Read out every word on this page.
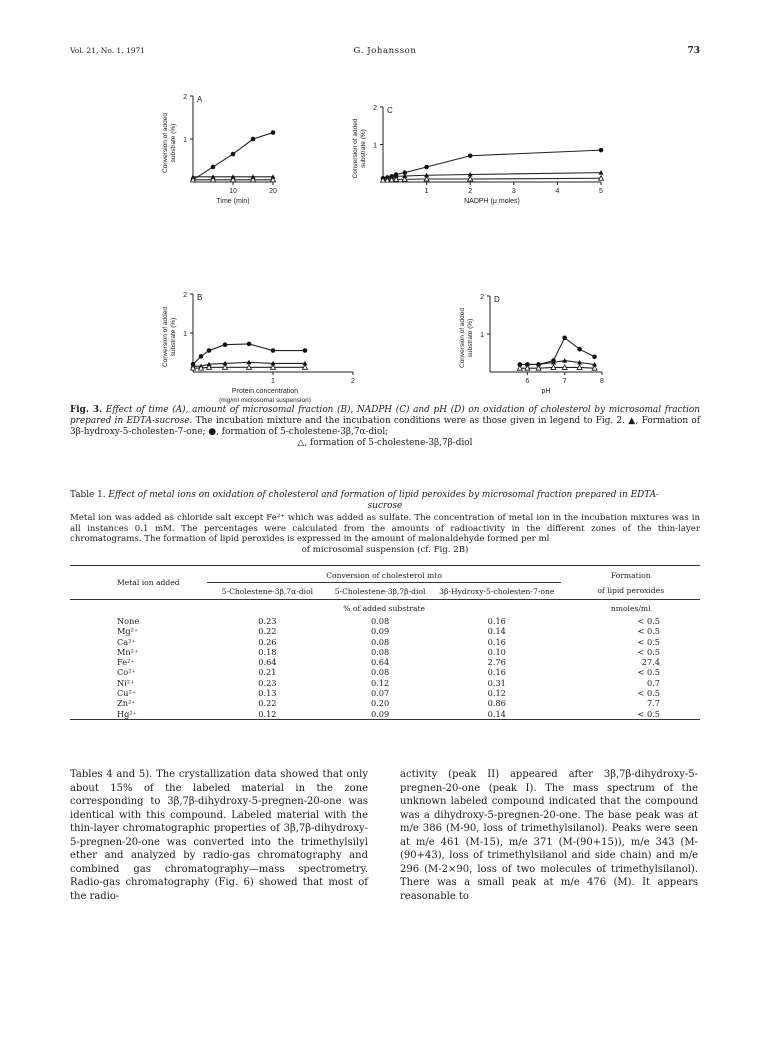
Vol. 21, No. 1, 1971	G. Johansson	73
1
2 A
10	20
Time (min)
Conversion of added substrate (%)	1
2 C
1	2	3	4	5
NADPH (μ moles)
Conversion of added substrate (%)
1
2 B
1	2
Protein concentration
(mg/ml microsomal suspension)
Conversion of added substrate (%)	1
2 D
6	7	8
pH
Conversion of added substrate (%)
Fig. 3. Effect of time (A), amount of microsomal fraction (B), NADPH (C) and pH (D) on oxidation of cholesterol by microsomal fraction prepared in EDTA-sucrose. The incubation mixture and the incubation conditions were as those given in legend to Fig. 2. ▲, Formation of 3β-hydroxy-5-cholesten-7-one; ●, formation of 5-cholestene-3β,7α-diol;
△, formation of 5-cholestene-3β,7β-diol
Table 1. Effect of metal ions on oxidation of cholesterol and formation of lipid peroxides by microsomal fraction prepared in EDTA-
sucrose
Metal ion was added as chloride salt except Fe²⁺ which was added as sulfate. The concentration of metal ion in the incubation mixtures was in all instances 0.1 mM. The percentages were calculated from the amounts of radioactivity in the different zones of the thin-layer chromatograms. The formation of lipid peroxides is expressed in the amount of malonaldehyde formed per ml
of microsomal suspension (cf. Fig. 2B)
Metal ion added	Conversion of cholesterol into			Formation
	5-Cholestene-3β,7α-diol	5-Cholestene-3β,7β-diol	3β-Hydroxy-5-cholesten-7-one	of lipid peroxides
	% of added substrate			nmoles/ml
None	0.23	0.08	0.16	< 0.5
Mg²⁺	0.22	0.09	0.14	< 0.5
Ca²⁺	0.26	0.08	0.16	< 0.5
Mn²⁺	0.18	0.08	0.10	< 0.5
Fe²⁺	0.64	0.64	2.76	27.4
Co²⁺	0.21	0.08	0.16	< 0.5
Ni²⁺	0.23	0.12	0.31	0.7
Cu²⁺	0.13	0.07	0.12	< 0.5
Zn²⁺	0.22	0.20	0.86	7.7
Hg²⁺	0.12	0.09	0.14	< 0.5
Tables 4 and 5). The crystallization data showed that only about 15% of the labeled material in the zone corresponding to 3β,7β-dihydroxy-5-pregnen-20-one was identical with this compound. Labeled material with the thin-layer chromatographic properties of 3β,7β-dihydroxy-5-pregnen-20-one was converted into the trimethylsilyl ether and analyzed by radio-gas chromatography and combined gas chromatography—mass spectrometry. Radio-gas chromatography (Fig. 6) showed that most of the radio-
activity (peak II) appeared after 3β,7β-dihydroxy-5-pregnen-20-one (peak I). The mass spectrum of the unknown labeled compound indicated that the compound was a dihydroxy-5-pregnen-20-one. The base peak was at m/e 386 (M-90, loss of trimethylsilanol). Peaks were seen at m/e 461 (M-15), m/e 371 (M-(90+15)), m/e 343 (M-(90+43), loss of trimethylsilanol and side chain) and m/e 296 (M-2×90, loss of two molecules of trimethylsilanol). There was a small peak at m/e 476 (M). It appears reasonable to
